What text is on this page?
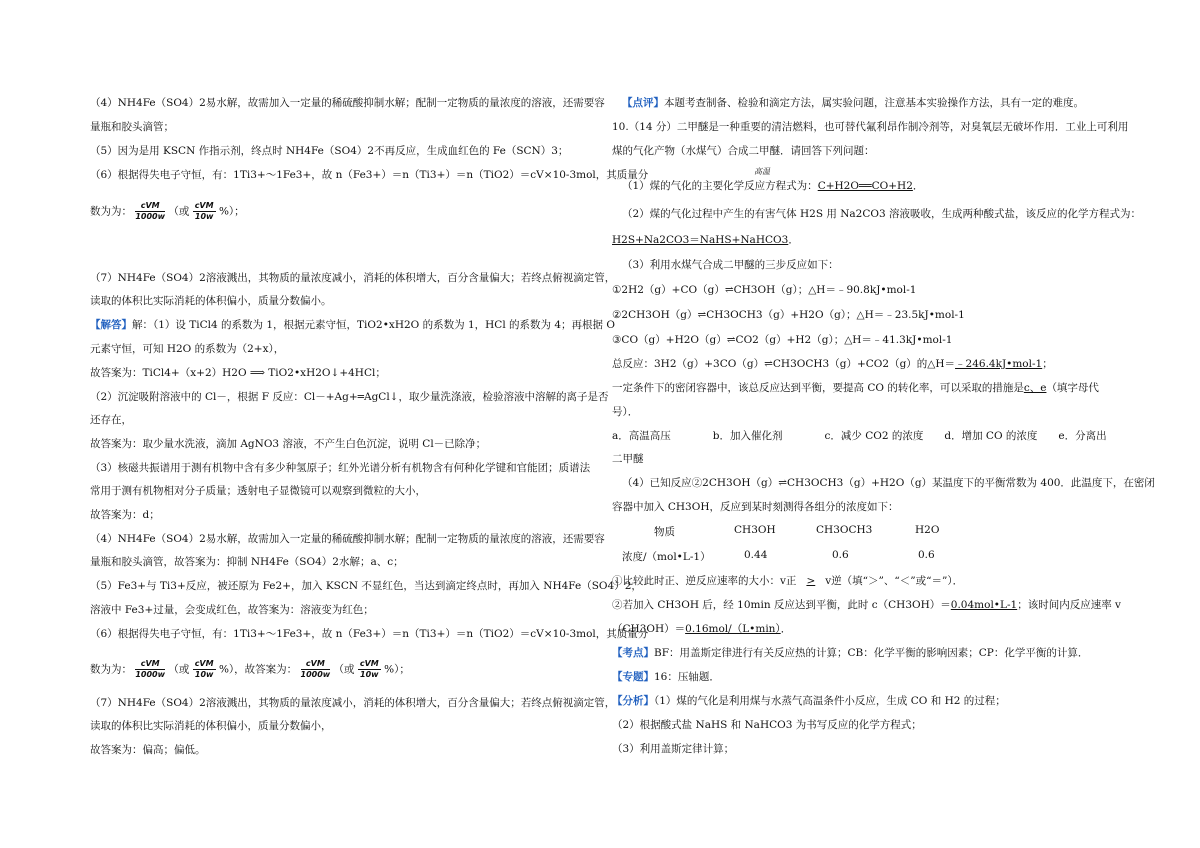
（4）NH4Fe（SO4）2易水解，故需加入一定量的稀硫酸抑制水解；配制一定物质的量浓度的溶液，还需要容
量瓶和胶头滴管；
（5）因为是用 KSCN 作指示剂，终点时 NH4Fe（SO4）2不再反应，生成血红色的 Fe（SCN）3；
（6）根据得失电子守恒，有：1Ti3+～1Fe3+，故 n（Fe3+）＝n（Ti3+）＝n（TiO2）＝cV×10-3mol，其质量分
数为为： $\frac{\text{cVM}}{1000w}$ （或 $\frac{\text{cVM}}{10w}$ %）；
（7）NH4Fe（SO4）2溶液溅出，其物质的量浓度减小，消耗的体积增大，百分含量偏大；若终点俯视滴定管，
读取的体积比实际消耗的体积偏小，质量分数偏小。
【解答】解：（1）设 TiCl4 的系数为 1，根据元素守恒，TiO2•xH2O 的系数为 1，HCl 的系数为 4；再根据 O
元素守恒，可知 H2O 的系数为（2+x），
故答案为：TiCl4+（x+2）H2O ⟹ TiO2•xH2O↓+4HCl；
（2）沉淀吸附溶液中的 Cl－，根据 F 反应：Cl－+Ag+═AgCl↓，取少量洗涤液，检验溶液中溶解的离子是否
还存在，
故答案为：取少量水洗液，滴加 AgNO3 溶液，不产生白色沉淀，说明 Cl－已除净；
（3）核磁共振谱用于测有机物中含有多少种氢原子；红外光谱分析有机物含有何种化学键和官能团；质谱法
常用于测有机物相对分子质量；透射电子显微镜可以观察到微粒的大小，
故答案为：d；
（4）NH4Fe（SO4）2易水解，故需加入一定量的稀硫酸抑制水解；配制一定物质的量浓度的溶液，还需要容
量瓶和胶头滴管，故答案为：抑制 NH4Fe（SO4）2水解；a、c；
（5）Fe3+与 Ti3+反应，被还原为 Fe2+，加入 KSCN 不显红色，当达到滴定终点时，再加入 NH4Fe（SO4）2，
溶液中 Fe3+过量，会变成红色，故答案为：溶液变为红色；
（6）根据得失电子守恒，有：1Ti3+～1Fe3+，故 n（Fe3+）＝n（Ti3+）＝n（TiO2）＝cV×10-3mol，其质量分
数为为： $\frac{\text{cVM}}{1000w}$ （或 $\frac{\text{cVM}}{10w}$ %），故答案为： $\frac{\text{cVM}}{1000w}$ （或 $\frac{\text{cVM}}{10w}$ %）；
（7）NH4Fe（SO4）2溶液溅出，其物质的量浓度减小，消耗的体积增大，百分含量偏大；若终点俯视滴定管，
读取的体积比实际消耗的体积偏小，质量分数偏小，
故答案为：偏高；偏低。
【点评】本题考查制备、检验和滴定方法，属实验问题，注意基本实验操作方法，具有一定的难度。
10.（14 分）二甲醚是一种重要的清洁燃料，也可替代氟利昂作制冷剂等，对臭氧层无破坏作用．工业上可利用
煤的气化产物（水煤气）合成二甲醚．请回答下列问题：
高温
（1）煤的气化的主要化学反应方程式为：C+H2O══CO+H2．
（2）煤的气化过程中产生的有害气体 H2S 用 Na2CO3 溶液吸收，生成两种酸式盐，该反应的化学方程式为：
H2S+Na2CO3＝NaHS+NaHCO3．
（3）利用水煤气合成二甲醚的三步反应如下：
①2H2（g）+CO（g）⇌CH3OH（g）；△H＝﹣90.8kJ•mol-1
②2CH3OH（g）⇌CH3OCH3（g）+H2O（g）；△H＝﹣23.5kJ•mol-1
③CO（g）+H2O（g）⇌CO2（g）+H2（g）；△H＝﹣41.3kJ•mol-1
总反应：3H2（g）+3CO（g）⇌CH3OCH3（g）+CO2（g）的△H＝﹣246.4kJ•mol-1；
一定条件下的密闭容器中，该总反应达到平衡，要提高 CO 的转化率，可以采取的措施是c、e（填字母代
号）．
a．高温高压　　　　b．加入催化剂　　　　c．减少 CO2 的浓度　　d．增加 CO 的浓度　　e．分离出
二甲醚
（4）已知反应②2CH3OH（g）⇌CH3OCH3（g）+H2O（g）某温度下的平衡常数为 400．此温度下，在密闭
容器中加入 CH3OH，反应到某时刻测得各组分的浓度如下：
物质	CH3OH	CH3OCH3	H2O
浓度/（mol•L-1）	0.44	0.6	0.6
①比较此时正、逆反应速率的大小：v正 > v逆（填“＞”、“＜”或“＝”）．
②若加入 CH3OH 后，经 10min 反应达到平衡，此时 c（CH3OH）＝0.04mol•L-1；该时间内反应速率 v
（CH3OH）＝0.16mol/（L•min）．
【考点】BF：用盖斯定律进行有关反应热的计算；CB：化学平衡的影响因素；CP：化学平衡的计算．
【专题】16：压轴题．
【分析】（1）煤的气化是利用煤与水蒸气高温条件小反应，生成 CO 和 H2 的过程；
（2）根据酸式盐 NaHS 和 NaHCO3 为书写反应的化学方程式；
（3）利用盖斯定律计算；
